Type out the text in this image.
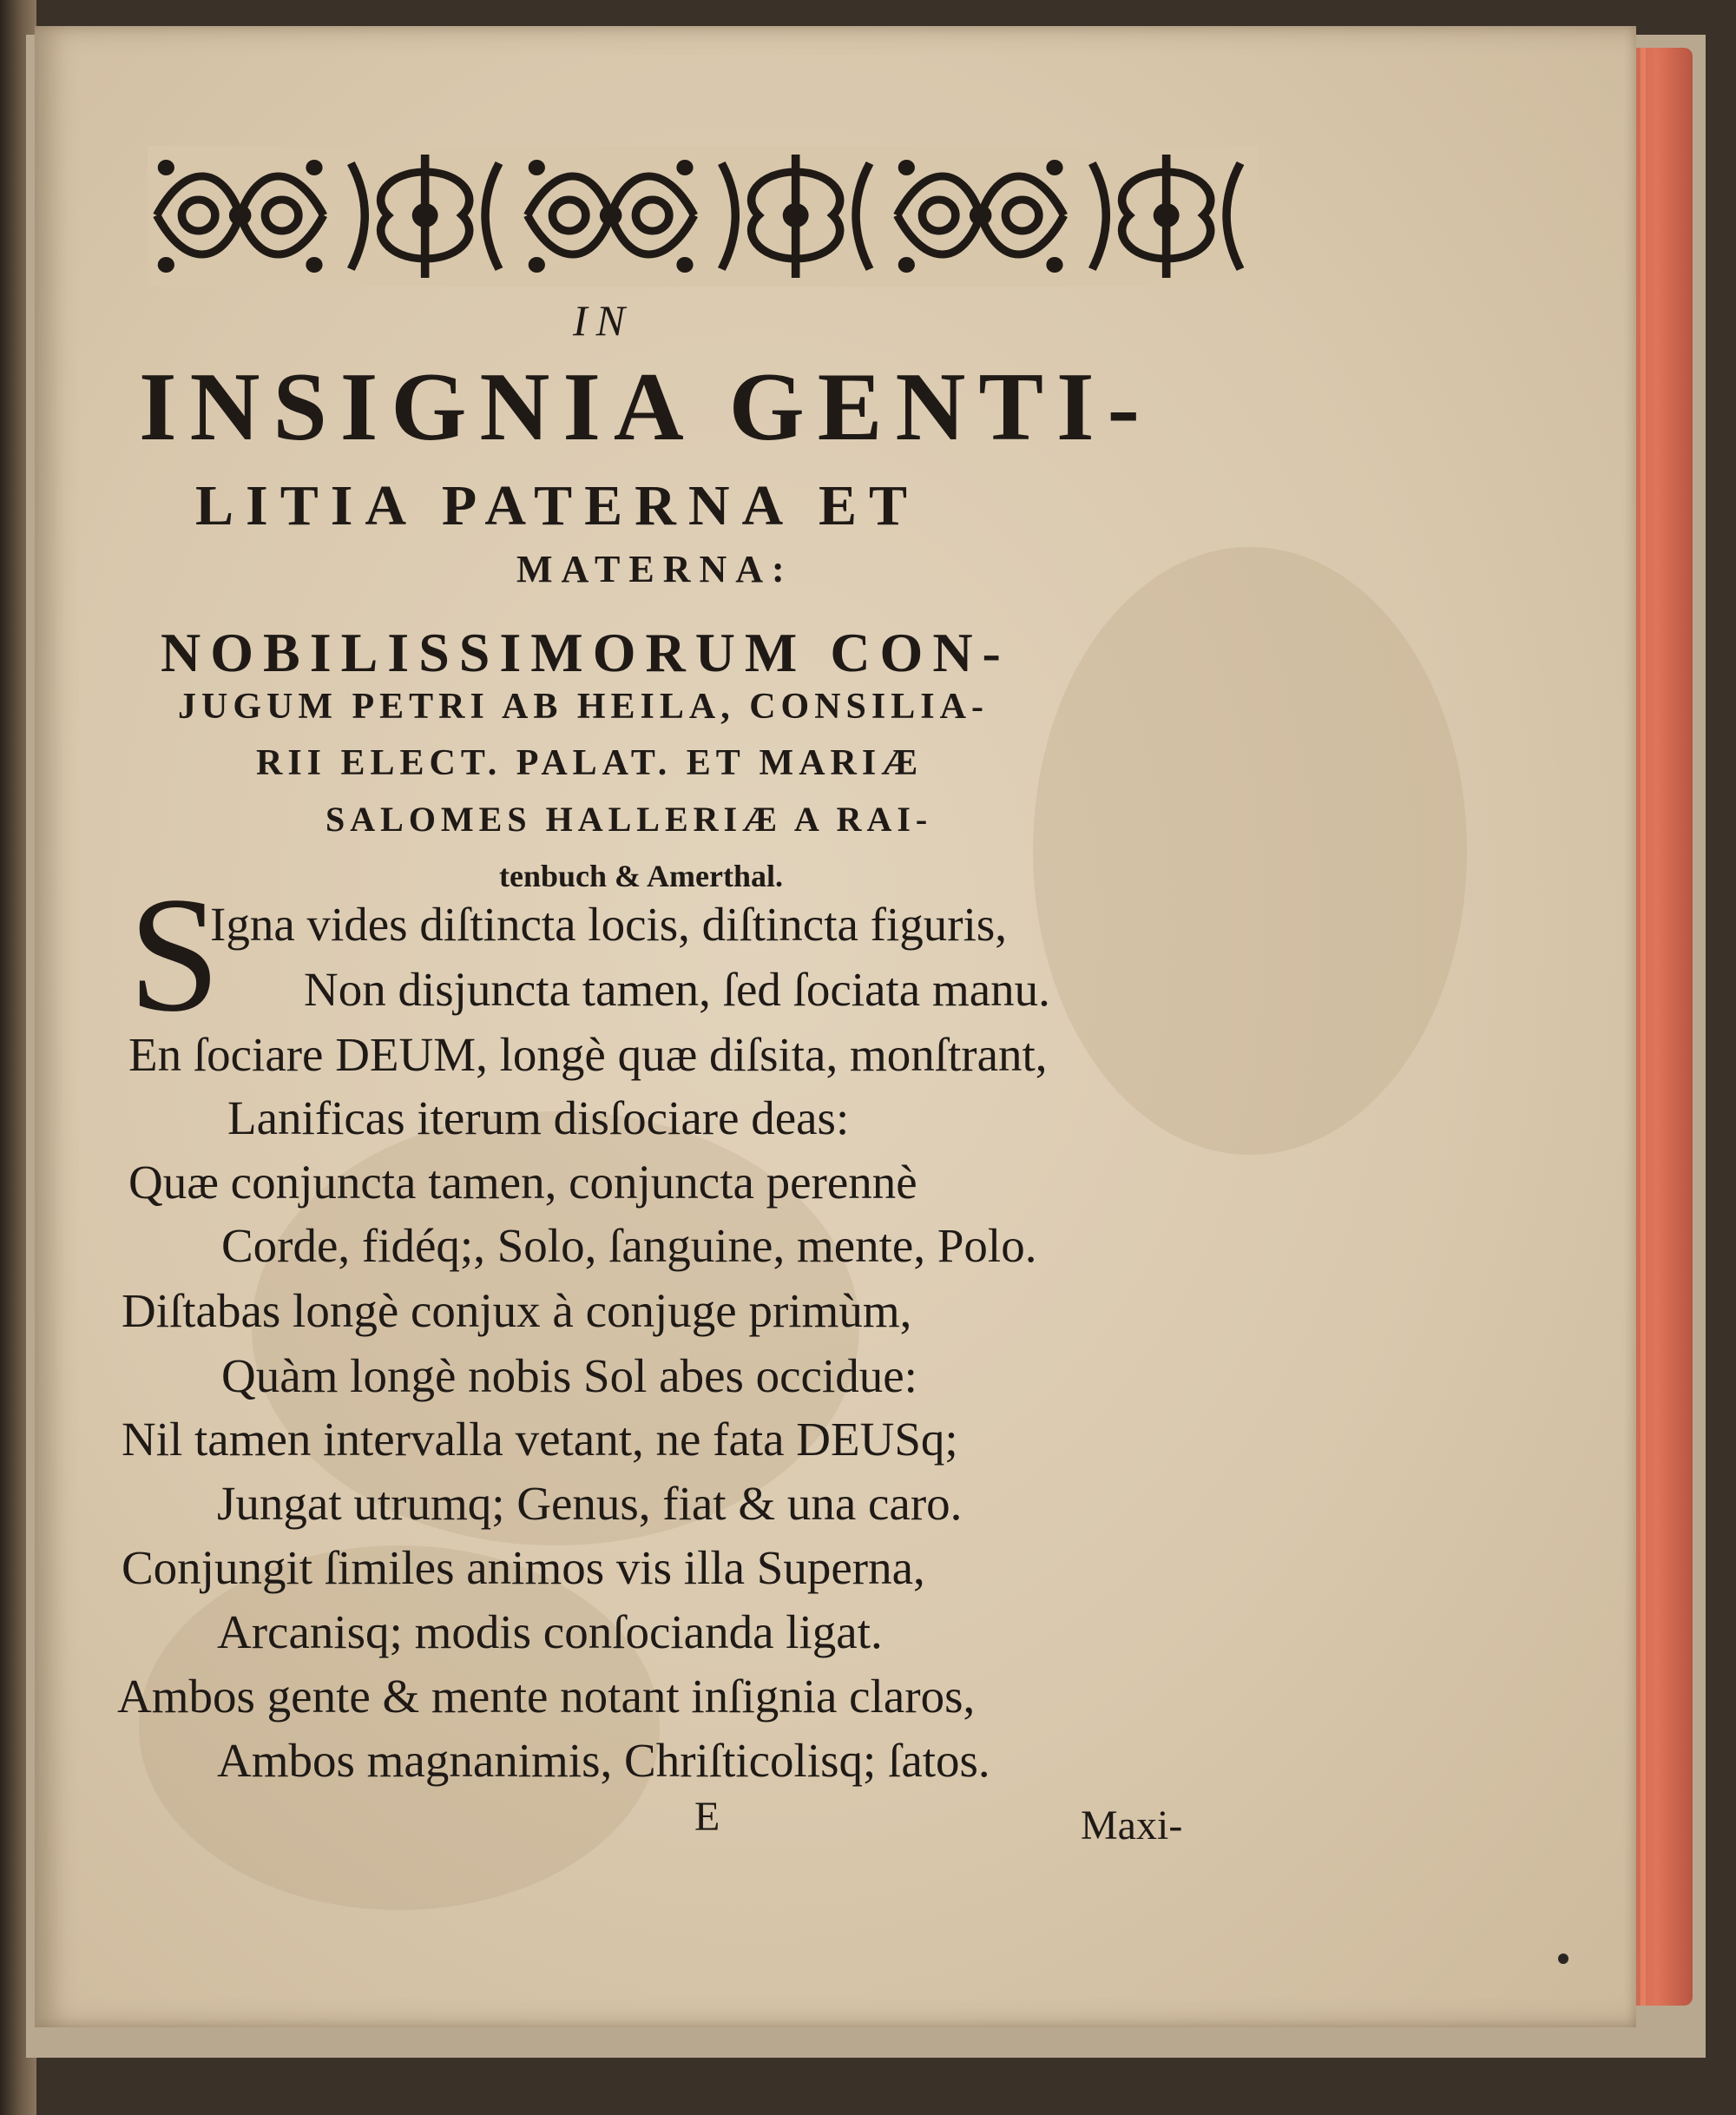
IN
INSIGNIA GENTI-
LITIA PATERNA ET
MATERNA:
NOBILISSIMORUM CON-
JUGUM PETRI AB HEILA, CONSILIA-
RII ELECT. PALAT. ET MARIÆ
SALOMES HALLERIÆ A RAI-
tenbuch & Amerthal.
S
Igna vides diſtincta locis, diſtincta figuris,
Non disjuncta tamen, ſed ſociata manu.
En ſociare DEUM, longè quæ diſsita, monſtrant,
Lanificas iterum disſociare deas:
Quæ conjuncta tamen, conjuncta perennè
Corde, fidéq;, Solo, ſanguine, mente, Polo.
Diſtabas longè conjux à conjuge primùm,
Quàm longè nobis Sol abes occidue:
Nil tamen intervalla vetant, ne fata DEUSq;
Jungat utrumq; Genus, fiat & una caro.
Conjungit ſimiles animos vis illa Superna,
Arcanisq; modis conſocianda ligat.
Ambos gente & mente notant inſignia claros,
Ambos magnanimis, Chriſticolisq; ſatos.
E	Maxi-
